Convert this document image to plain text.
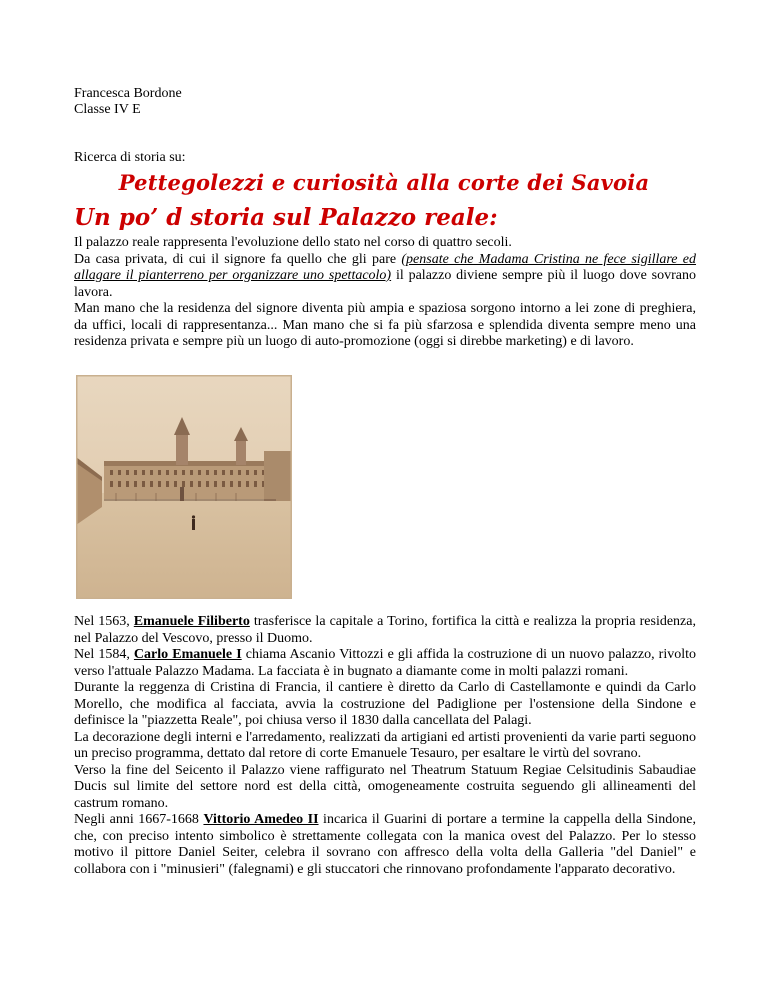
Francesca Bordone
Classe IV E
Ricerca di storia su:
Pettegolezzi e curiosità alla corte dei Savoia
Un po’ d storia sul Palazzo reale:

Il palazzo reale rappresenta l'evoluzione dello stato nel corso di quattro secoli.

Da casa privata, di cui il signore fa quello che gli pare (pensate che Madama Cristina ne fece sigillare ed allagare il pianterreno per organizzare uno spettacolo) il palazzo diviene sempre più il luogo dove sovrano lavora.

Man mano che la residenza del signore diventa più ampia e spaziosa sorgono intorno a lei zone di preghiera, da uffici, locali di rappresentanza... Man mano che si fa più sfarzosa e splendida diventa sempre meno una residenza privata e sempre più un luogo di auto-promozione (oggi si direbbe marketing) e di lavoro.

Nel 1563, Emanuele Filiberto trasferisce la capitale a Torino, fortifica la città e realizza la propria residenza, nel Palazzo del Vescovo, presso il Duomo.

Nel 1584, Carlo Emanuele I chiama Ascanio Vittozzi e gli affida la costruzione di un nuovo palazzo, rivolto verso l'attuale Palazzo Madama. La facciata è in bugnato a diamante come in molti palazzi romani.

Durante la reggenza di Cristina di Francia, il cantiere è diretto da Carlo di Castellamonte e quindi da Carlo Morello, che modifica al facciata, avvia la costruzione del Padiglione per l'ostensione della Sindone e definisce la "piazzetta Reale", poi chiusa verso il 1830 dalla cancellata del Palagi.

La decorazione degli interni e l'arredamento, realizzati da artigiani ed artisti provenienti da varie parti seguono un preciso programma, dettato dal retore di corte Emanuele Tesauro, per esaltare le virtù del sovrano.

Verso la fine del Seicento il Palazzo viene raffigurato nel Theatrum Statuum Regiae Celsitudinis Sabaudiae Ducis sul limite del settore nord est della città, omogeneamente costruita seguendo gli allineamenti del castrum romano.

Negli anni 1667-1668 Vittorio Amedeo II incarica il Guarini di portare a termine la cappella della Sindone, che, con preciso intento simbolico è strettamente collegata con la manica ovest del Palazzo. Per lo stesso motivo il pittore Daniel Seiter, celebra il sovrano con affresco della volta della Galleria "del Daniel" e collabora con i "minusieri" (falegnami) e gli stuccatori che rinnovano profondamente l'apparato decorativo.
